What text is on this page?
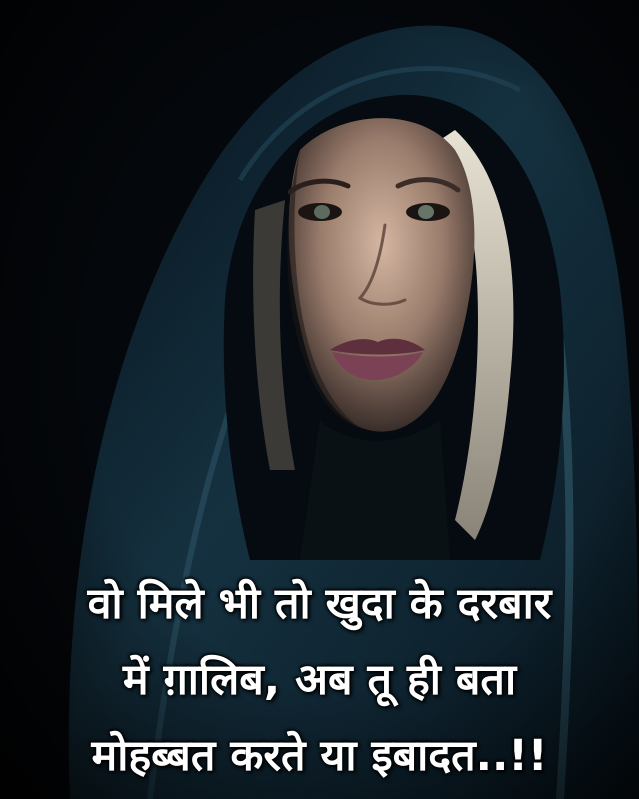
वो मिले भी तो खुदा के दरबार
में ग़ालिब, अब तू ही बता
मोहब्बत करते या इबादत..!!
